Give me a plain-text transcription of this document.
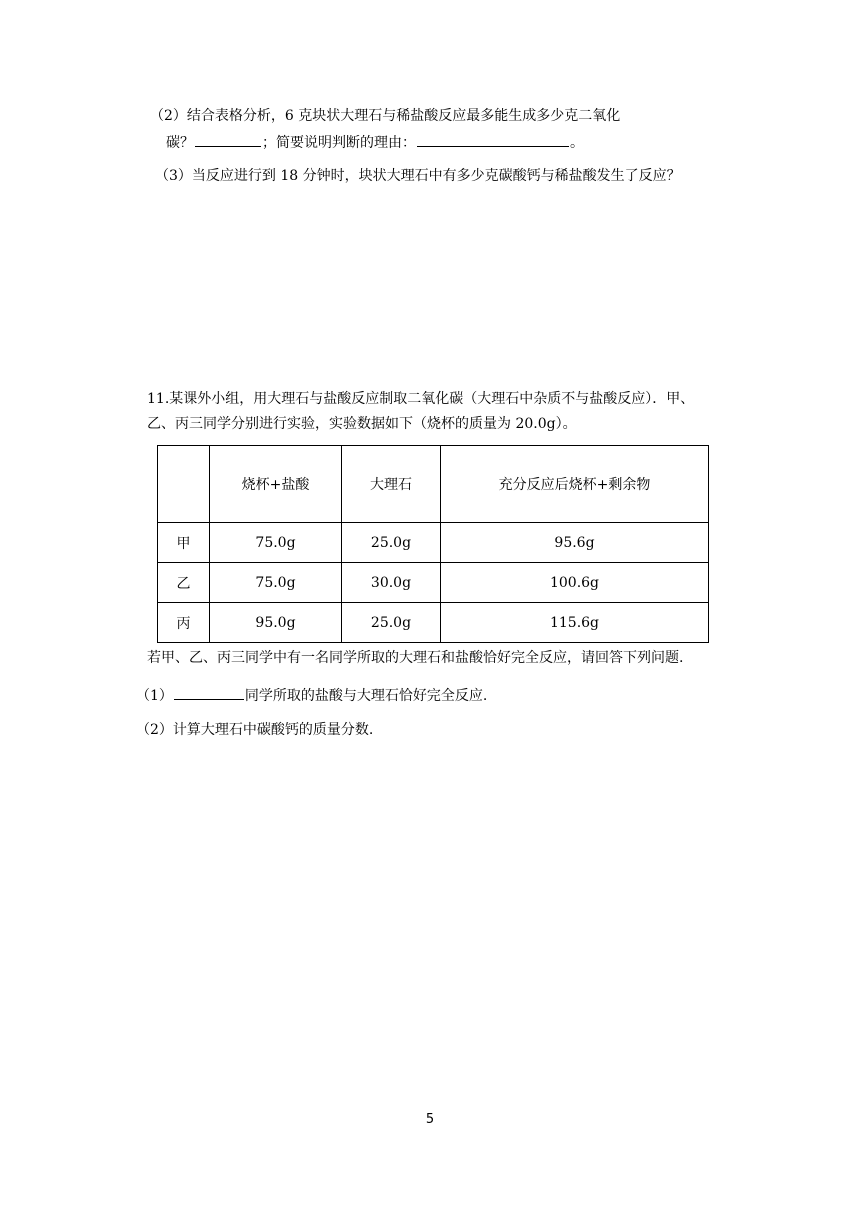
（2）结合表格分析，6 克块状大理石与稀盐酸反应最多能生成多少克二氧化
碳？	；简要说明判断的理由：	。
（3）当反应进行到 18 分钟时，块状大理石中有多少克碳酸钙与稀盐酸发生了反应？
11.某课外小组，用大理石与盐酸反应制取二氧化碳（大理石中杂质不与盐酸反应）．甲、
乙、丙三同学分别进行实验，实验数据如下（烧杯的质量为 20.0g）。
	烧杯+盐酸	大理石	充分反应后烧杯+剩余物
甲	75.0g	25.0g	95.6g
乙	75.0g	30.0g	100.6g
丙	95.0g	25.0g	115.6g
若甲、乙、丙三同学中有一名同学所取的大理石和盐酸恰好完全反应，请回答下列问题.
（1）	同学所取的盐酸与大理石恰好完全反应.
（2）计算大理石中碳酸钙的质量分数.
5
